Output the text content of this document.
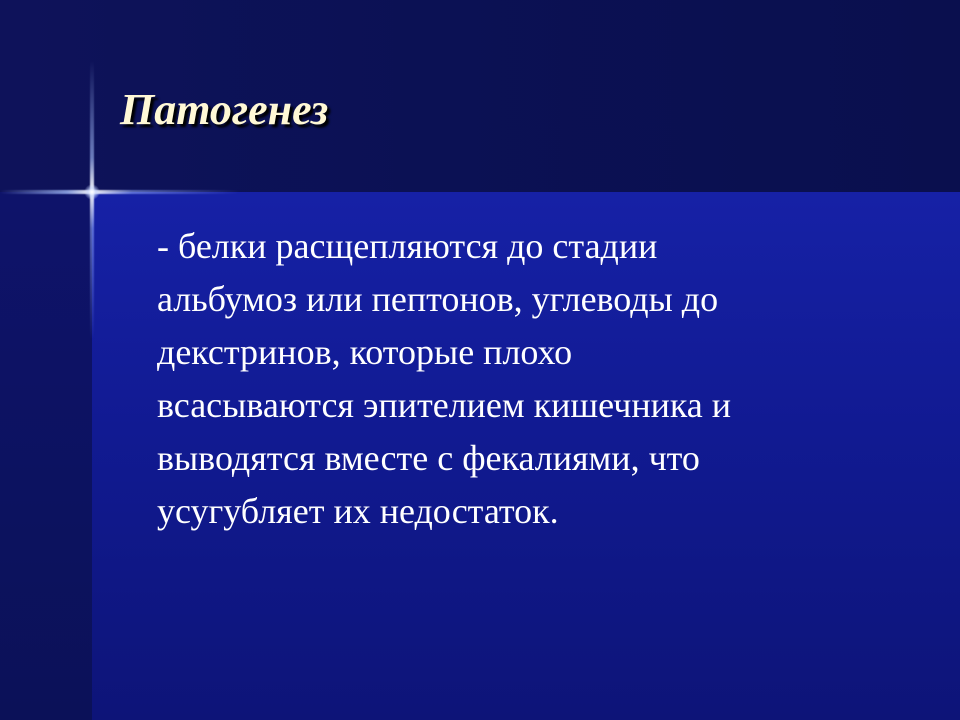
Патогенез

- белки расщепляются до стадии
альбумоз или пептонов, углеводы до
декстринов, которые плохо
всасываются эпителием кишечника и
выводятся вместе с фекалиями, что
усугубляет их недостаток.
